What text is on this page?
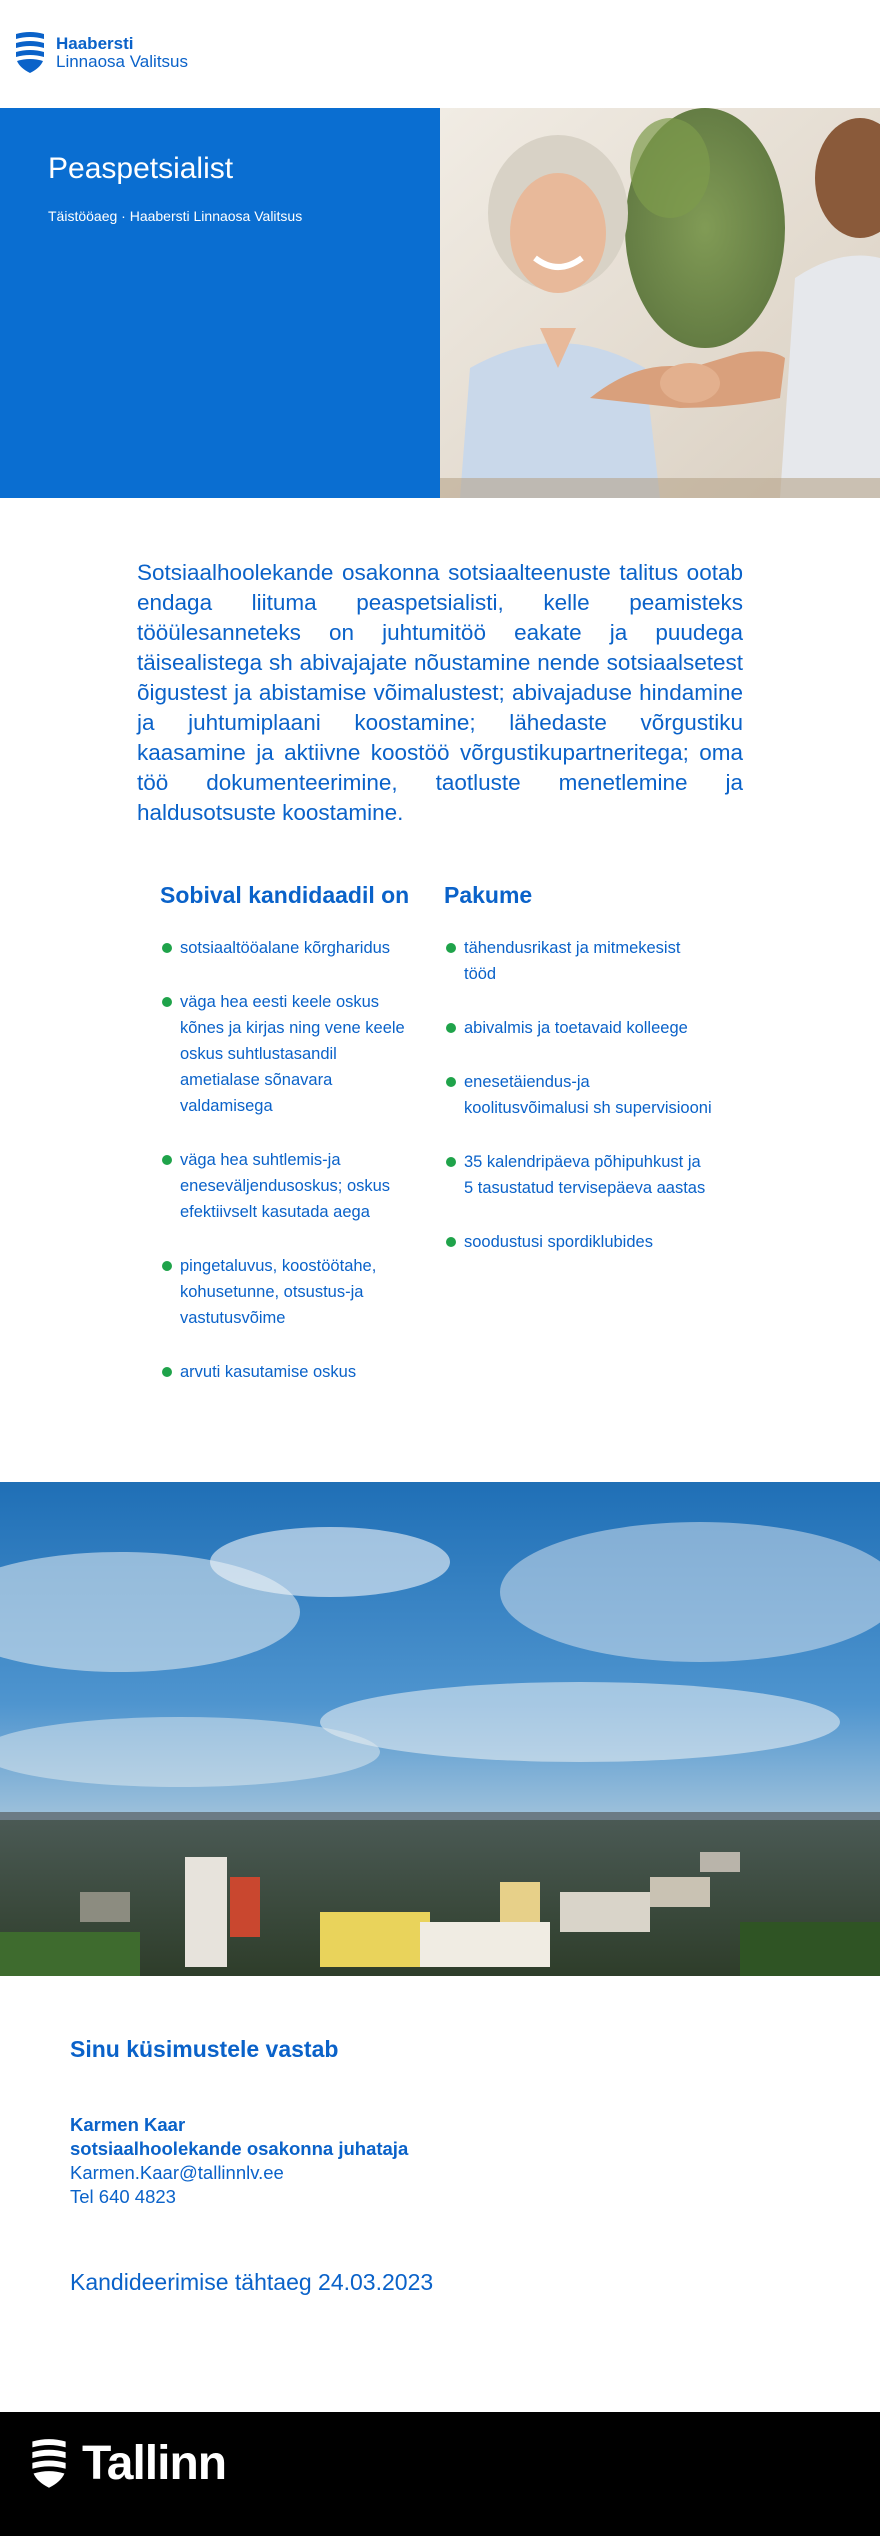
Haabersti
Linnaosa Valitsus
Peaspetsialist
Täistööaeg · Haabersti Linnaosa Valitsus

Sotsiaalhoolekande osakonna sotsiaalteenuste talitus ootab endaga liituma peaspetsialisti, kelle peamisteks tööülesanneteks on juhtumitöö eakate ja puudega täisealistega sh abivajajate nõustamine nende sotsiaalsetest õigustest ja abistamise võimalustest; abivajaduse hindamine ja juhtumiplaani koostamine; lähedaste võrgustiku kaasamine ja aktiivne koostöö võrgustikupartneritega; oma töö dokumenteerimine, taotluste menetlemine ja haldusotsuste koostamine.

Sobival kandidaadil on
sotsiaaltööalane kõrgharidus
väga hea eesti keele oskus kõnes ja kirjas ning vene keele oskus suhtlustasandil ametialase sõnavara valdamisega
väga hea suhtlemis-ja eneseväljendusoskus; oskus efektiivselt kasutada aega
pingetaluvus, koostöötahe, kohusetunne, otsustus-ja vastutusvõime
arvuti kasutamise oskus
Pakume
tähendusrikast ja mitmekesist tööd
abivalmis ja toetavaid kolleege
enesetäiendus-ja koolitusvõimalusi sh supervisiooni
35 kalendripäeva põhipuhkust ja 5 tasustatud tervisepäeva aastas
soodustusi spordiklubides
Sinu küsimustele vastab
Karmen Kaar
sotsiaalhoolekande osakonna juhataja
Karmen.Kaar@tallinnlv.ee
Tel 640 4823
Kandideerimise tähtaeg 24.03.2023
Tallinn
